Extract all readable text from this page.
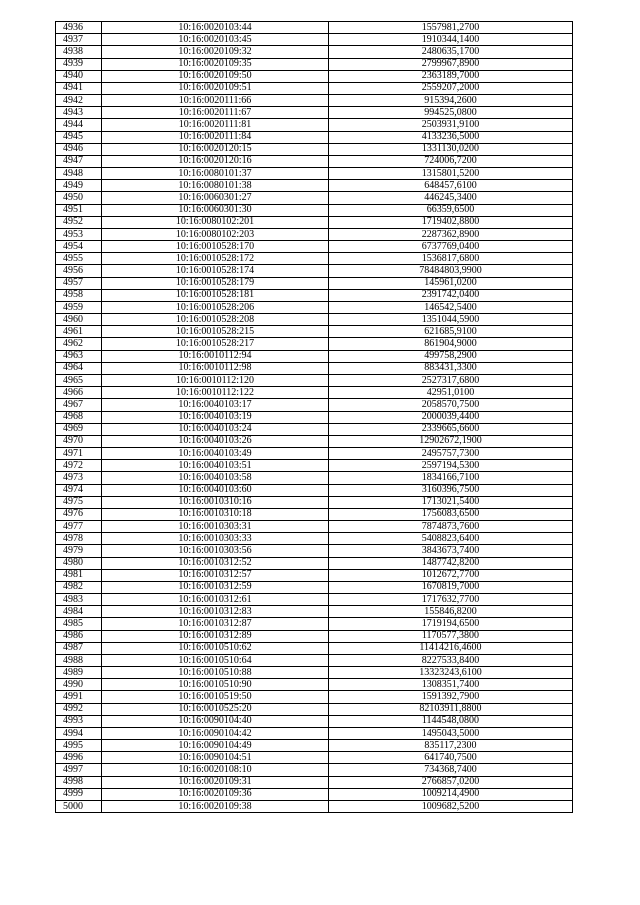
4936	10:16:0020103:44	1557981,2700
4937	10:16:0020103:45	1910344,1400
4938	10:16:0020109:32	2480635,1700
4939	10:16:0020109:35	2799967,8900
4940	10:16:0020109:50	2363189,7000
4941	10:16:0020109:51	2559207,2000
4942	10:16:0020111:66	915394,2600
4943	10:16:0020111:67	994525,0800
4944	10:16:0020111:81	2503931,9100
4945	10:16:0020111:84	4133236,5000
4946	10:16:0020120:15	1331130,0200
4947	10:16:0020120:16	724006,7200
4948	10:16:0080101:37	1315801,5200
4949	10:16:0080101:38	648457,6100
4950	10:16:0060301:27	446245,3400
4951	10:16:0060301:30	66359,6500
4952	10:16:0080102:201	1719402,8800
4953	10:16:0080102:203	2287362,8900
4954	10:16:0010528:170	6737769,0400
4955	10:16:0010528:172	1536817,6800
4956	10:16:0010528:174	78484803,9900
4957	10:16:0010528:179	145961,0200
4958	10:16:0010528:181	2391742,0400
4959	10:16:0010528:206	146542,5400
4960	10:16:0010528:208	1351044,5900
4961	10:16:0010528:215	621685,9100
4962	10:16:0010528:217	861904,9000
4963	10:16:0010112:94	499758,2900
4964	10:16:0010112:98	883431,3300
4965	10:16:0010112:120	2527317,6800
4966	10:16:0010112:122	42951,0100
4967	10:16:0040103:17	2058570,7500
4968	10:16:0040103:19	2000039,4400
4969	10:16:0040103:24	2339665,6600
4970	10:16:0040103:26	12902672,1900
4971	10:16:0040103:49	2495757,7300
4972	10:16:0040103:51	2597194,5300
4973	10:16:0040103:58	1834166,7100
4974	10:16:0040103:60	3160396,7500
4975	10:16:0010310:16	1713021,5400
4976	10:16:0010310:18	1756083,6500
4977	10:16:0010303:31	7874873,7600
4978	10:16:0010303:33	5408823,6400
4979	10:16:0010303:56	3843673,7400
4980	10:16:0010312:52	1487742,8200
4981	10:16:0010312:57	1012672,7700
4982	10:16:0010312:59	1670819,7000
4983	10:16:0010312:61	1717632,7700
4984	10:16:0010312:83	155846,8200
4985	10:16:0010312:87	1719194,6500
4986	10:16:0010312:89	1170577,3800
4987	10:16:0010510:62	11414216,4600
4988	10:16:0010510:64	8227533,8400
4989	10:16:0010510:88	13323243,6100
4990	10:16:0010510:90	1308351,7400
4991	10:16:0010519:50	1591392,7900
4992	10:16:0010525:20	82103911,8800
4993	10:16:0090104:40	1144548,0800
4994	10:16:0090104:42	1495043,5000
4995	10:16:0090104:49	835117,2300
4996	10:16:0090104:51	641740,7500
4997	10:16:0020108:10	734368,7400
4998	10:16:0020109:31	2766857,0200
4999	10:16:0020109:36	1009214,4900
5000	10:16:0020109:38	1009682,5200
